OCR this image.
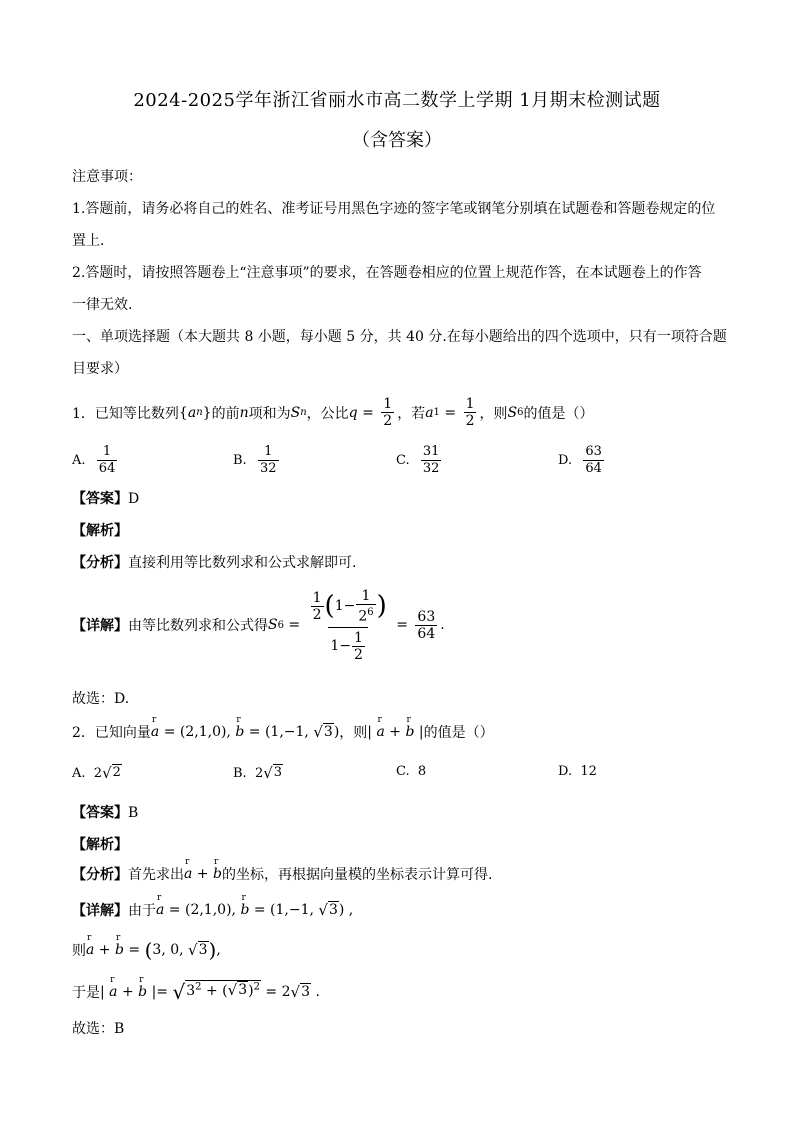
2024-2025学年浙江省丽水市高二数学上学期 1月期末检测试题
（含答案）
注意事项：
1.答题前，请务必将自己的姓名、准考证号用黑色字迹的签字笔或钢笔分别填在试题卷和答题卷规定的位
置上.
2.答题时，请按照答题卷上“注意事项”的要求，在答题卷相应的位置上规范作答，在本试题卷上的作答
一律无效.
一、单项选择题（本大题共 8 小题，每小题 5 分，共 40 分.在每小题给出的四个选项中，只有一项符合题
目要求）
1．已知等比数列 { a n } 的前 n 项和为 S n ，公比 $q = \frac{1}{2}$ ，若 a $1 = \frac{1}{2}$ ，则 S 6 的值是（）
A.
$\frac{1}{64}$	B.
$\frac{1}{32}$	C.
$\frac{31}{32}$	D.
$\frac{63}{64}$
【答案】D
【解析】
【分析】直接利用等比数列求和公式求解即可.
【详解】 由等比数列求和公式得 S $6 = \frac{\frac{1}{2} ( 1- \frac{1}{2^6} )}{1- \frac{1}{2}} = \frac{63}{64}$ .
故选：D.
2．已知向量 a
r
= (2,1,0), b
r
= (1,−1, √ 3 ) ，则 | a
r
+ b
r
| 的值是（）
A.
2 √ 2	B.
2 √ 3	C.
8	D.
12
【答案】B
【解析】
【分析】 首先求出 a
r
+ b
r
的坐标，再根据向量模的坐标表示计算可得.
【详解】 由于 a
r
= (2,1,0), b
r
= (1,−1, √ 3 ) ,
则 a
r
+ b
r
= ( 3, 0, √ 3 ) ,
于是 | a
r
+ b
r
|= √ $3^2$ + ( √ 3 )$^2$ = 2 √ 3 .
故选：B
